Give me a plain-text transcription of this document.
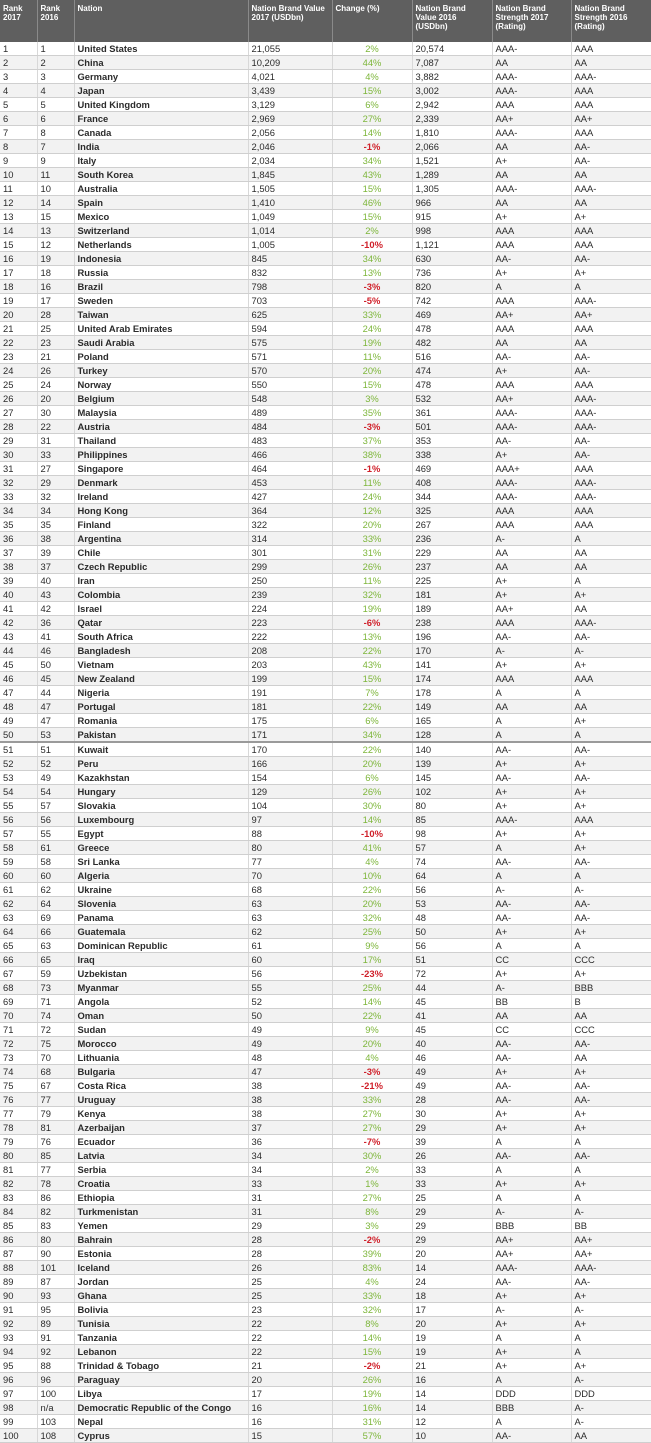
Rank 2017	Rank 2016	Nation	Nation Brand Value 2017 (USDbn)	Change (%)	Nation Brand Value 2016 (USDbn)	Nation Brand Strength 2017 (Rating)	Nation Brand Strength 2016 (Rating)
1	1	United States	21,055	2%	20,574	AAA-	AAA
2	2	China	10,209	44%	7,087	AA	AA
3	3	Germany	4,021	4%	3,882	AAA-	AAA-
4	4	Japan	3,439	15%	3,002	AAA-	AAA
5	5	United Kingdom	3,129	6%	2,942	AAA	AAA
6	6	France	2,969	27%	2,339	AA+	AA+
7	8	Canada	2,056	14%	1,810	AAA-	AAA
8	7	India	2,046	-1%	2,066	AA	AA-
9	9	Italy	2,034	34%	1,521	A+	AA-
10	11	South Korea	1,845	43%	1,289	AA	AA
11	10	Australia	1,505	15%	1,305	AAA-	AAA-
12	14	Spain	1,410	46%	966	AA	AA
13	15	Mexico	1,049	15%	915	A+	A+
14	13	Switzerland	1,014	2%	998	AAA	AAA
15	12	Netherlands	1,005	-10%	1,121	AAA	AAA
16	19	Indonesia	845	34%	630	AA-	AA-
17	18	Russia	832	13%	736	A+	A+
18	16	Brazil	798	-3%	820	A	A
19	17	Sweden	703	-5%	742	AAA	AAA-
20	28	Taiwan	625	33%	469	AA+	AA+
21	25	United Arab Emirates	594	24%	478	AAA	AAA
22	23	Saudi Arabia	575	19%	482	AA	AA
23	21	Poland	571	11%	516	AA-	AA-
24	26	Turkey	570	20%	474	A+	AA-
25	24	Norway	550	15%	478	AAA	AAA
26	20	Belgium	548	3%	532	AA+	AAA-
27	30	Malaysia	489	35%	361	AAA-	AAA-
28	22	Austria	484	-3%	501	AAA-	AAA-
29	31	Thailand	483	37%	353	AA-	AA-
30	33	Philippines	466	38%	338	A+	AA-
31	27	Singapore	464	-1%	469	AAA+	AAA
32	29	Denmark	453	11%	408	AAA-	AAA-
33	32	Ireland	427	24%	344	AAA-	AAA-
34	34	Hong Kong	364	12%	325	AAA	AAA
35	35	Finland	322	20%	267	AAA	AAA
36	38	Argentina	314	33%	236	A-	A
37	39	Chile	301	31%	229	AA	AA
38	37	Czech Republic	299	26%	237	AA	AA
39	40	Iran	250	11%	225	A+	A
40	43	Colombia	239	32%	181	A+	A+
41	42	Israel	224	19%	189	AA+	AA
42	36	Qatar	223	-6%	238	AAA	AAA-
43	41	South Africa	222	13%	196	AA-	AA-
44	46	Bangladesh	208	22%	170	A-	A-
45	50	Vietnam	203	43%	141	A+	A+
46	45	New Zealand	199	15%	174	AAA	AAA
47	44	Nigeria	191	7%	178	A	A
48	47	Portugal	181	22%	149	AA	AA
49	47	Romania	175	6%	165	A	A+
50	53	Pakistan	171	34%	128	A	A
51	51	Kuwait	170	22%	140	AA-	AA-
52	52	Peru	166	20%	139	A+	A+
53	49	Kazakhstan	154	6%	145	AA-	AA-
54	54	Hungary	129	26%	102	A+	A+
55	57	Slovakia	104	30%	80	A+	A+
56	56	Luxembourg	97	14%	85	AAA-	AAA
57	55	Egypt	88	-10%	98	A+	A+
58	61	Greece	80	41%	57	A	A+
59	58	Sri Lanka	77	4%	74	AA-	AA-
60	60	Algeria	70	10%	64	A	A
61	62	Ukraine	68	22%	56	A-	A-
62	64	Slovenia	63	20%	53	AA-	AA-
63	69	Panama	63	32%	48	AA-	AA-
64	66	Guatemala	62	25%	50	A+	A+
65	63	Dominican Republic	61	9%	56	A	A
66	65	Iraq	60	17%	51	CC	CCC
67	59	Uzbekistan	56	-23%	72	A+	A+
68	73	Myanmar	55	25%	44	A-	BBB
69	71	Angola	52	14%	45	BB	B
70	74	Oman	50	22%	41	AA	AA
71	72	Sudan	49	9%	45	CC	CCC
72	75	Morocco	49	20%	40	AA-	AA-
73	70	Lithuania	48	4%	46	AA-	AA
74	68	Bulgaria	47	-3%	49	A+	A+
75	67	Costa Rica	38	-21%	49	AA-	AA-
76	77	Uruguay	38	33%	28	AA-	AA-
77	79	Kenya	38	27%	30	A+	A+
78	81	Azerbaijan	37	27%	29	A+	A+
79	76	Ecuador	36	-7%	39	A	A
80	85	Latvia	34	30%	26	AA-	AA-
81	77	Serbia	34	2%	33	A	A
82	78	Croatia	33	1%	33	A+	A+
83	86	Ethiopia	31	27%	25	A	A
84	82	Turkmenistan	31	8%	29	A-	A-
85	83	Yemen	29	3%	29	BBB	BB
86	80	Bahrain	28	-2%	29	AA+	AA+
87	90	Estonia	28	39%	20	AA+	AA+
88	101	Iceland	26	83%	14	AAA-	AAA-
89	87	Jordan	25	4%	24	AA-	AA-
90	93	Ghana	25	33%	18	A+	A+
91	95	Bolivia	23	32%	17	A-	A-
92	89	Tunisia	22	8%	20	A+	A+
93	91	Tanzania	22	14%	19	A	A
94	92	Lebanon	22	15%	19	A+	A
95	88	Trinidad & Tobago	21	-2%	21	A+	A+
96	96	Paraguay	20	26%	16	A	A-
97	100	Libya	17	19%	14	DDD	DDD
98	n/a	Democratic Republic of the Congo	16	16%	14	BBB	A-
99	103	Nepal	16	31%	12	A	A-
100	108	Cyprus	15	57%	10	AA-	AA
